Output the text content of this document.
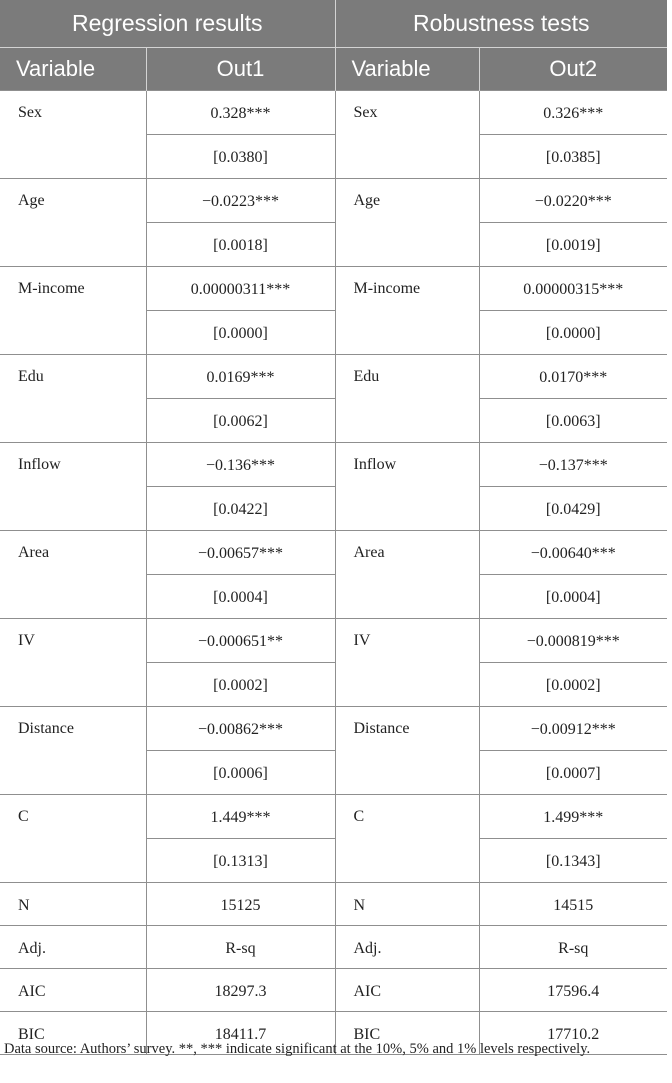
Regression results		Robustness tests	
Variable	Out1	Variable	Out2
Sex	0.328***	Sex	0.326***
	[0.0380]		[0.0385]
Age	−0.0223***	Age	−0.0220***
	[0.0018]		[0.0019]
M-income	0.00000311***	M-income	0.00000315***
	[0.0000]		[0.0000]
Edu	0.0169***	Edu	0.0170***
	[0.0062]		[0.0063]
Inflow	−0.136***	Inflow	−0.137***
	[0.0422]		[0.0429]
Area	−0.00657***	Area	−0.00640***
	[0.0004]		[0.0004]
IV	−0.000651**	IV	−0.000819***
	[0.0002]		[0.0002]
Distance	−0.00862***	Distance	−0.00912***
	[0.0006]		[0.0007]
C	1.449***	C	1.499***
	[0.1313]		[0.1343]
N	15125	N	14515
Adj.	R-sq	Adj.	R-sq
AIC	18297.3	AIC	17596.4
BIC	18411.7	BIC	17710.2

Data source: Authors’ survey. **, *** indicate significant at the 10%, 5% and 1% levels respectively.
